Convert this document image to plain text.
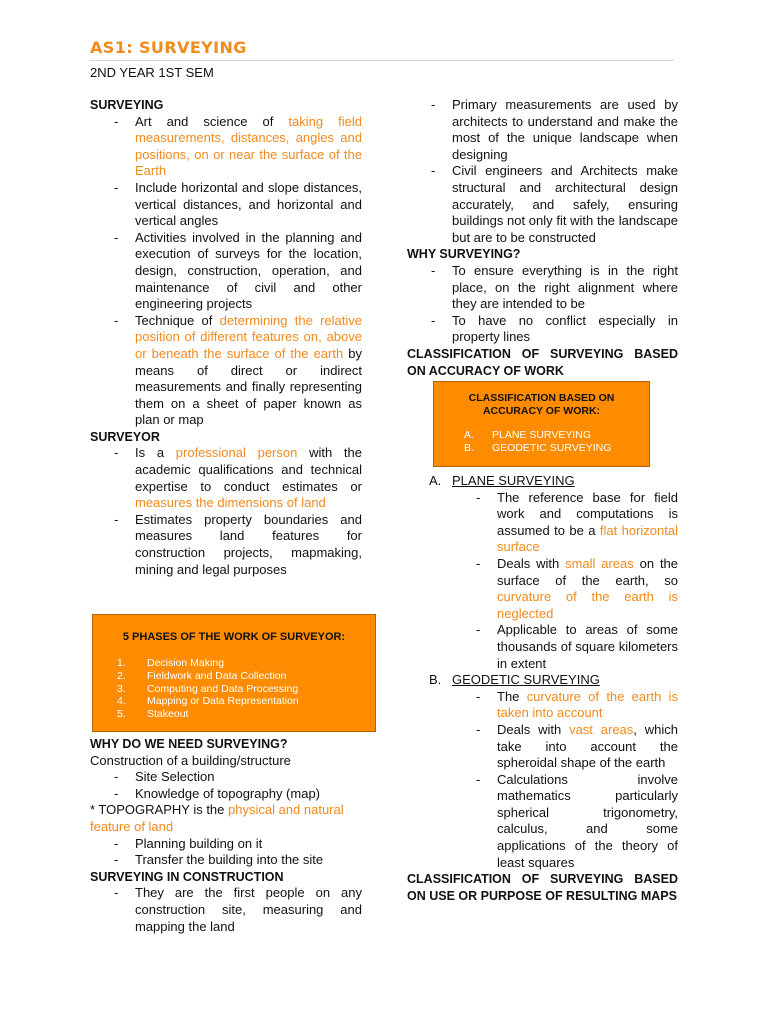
AS1: SURVEYING
2ND YEAR 1ST SEM
SURVEYING
- Art and science of taking field measurements, distances, angles and positions, on or near the surface of the Earth
- Include horizontal and slope distances, vertical distances, and horizontal and vertical angles
- Activities involved in the planning and execution of surveys for the location, design, construction, operation, and maintenance of civil and other engineering projects
- Technique of determining the relative position of different features on, above or beneath the surface of the earth by means of direct or indirect measurements and finally representing them on a sheet of paper known as plan or map
SURVEYOR
- Is a professional person with the academic qualifications and technical expertise to conduct estimates or measures the dimensions of land
- Estimates property boundaries and measures land features for construction projects, mapmaking, mining and legal purposes
5 PHASES OF THE WORK OF SURVEYOR:
1. Decision Making
2. Fieldwork and Data Collection
3. Computing and Data Processing
4. Mapping or Data Representation
5. Stakeout
WHY DO WE NEED SURVEYING?
Construction of a building/structure
- Site Selection
- Knowledge of topography (map)
* TOPOGRAPHY is the physical and natural feature of land
- Planning building on it
- Transfer the building into the site
SURVEYING IN CONSTRUCTION
- They are the first people on any construction site, measuring and mapping the land
- Primary measurements are used by architects to understand and make the most of the unique landscape when designing
- Civil engineers and Architects make structural and architectural design accurately, and safely, ensuring buildings not only fit with the landscape but are to be constructed
WHY SURVEYING?
- To ensure everything is in the right place, on the right alignment where they are intended to be
- To have no conflict especially in property lines
CLASSIFICATION OF SURVEYING BASED ON ACCURACY OF WORK
CLASSIFICATION BASED ON ACCURACY OF WORK:
A. PLANE SURVEYING
B. GEODETIC SURVEYING
A. PLANE SURVEYING
- The reference base for field work and computations is assumed to be a flat horizontal surface
- Deals with small areas on the surface of the earth, so curvature of the earth is neglected
- Applicable to areas of some thousands of square kilometers in extent
B. GEODETIC SURVEYING
- The curvature of the earth is taken into account
- Deals with vast areas, which take into account the spheroidal shape of the earth
- Calculations involve mathematics particularly spherical trigonometry, calculus, and some applications of the theory of least squares
CLASSIFICATION OF SURVEYING BASED ON USE OR PURPOSE OF RESULTING MAPS
